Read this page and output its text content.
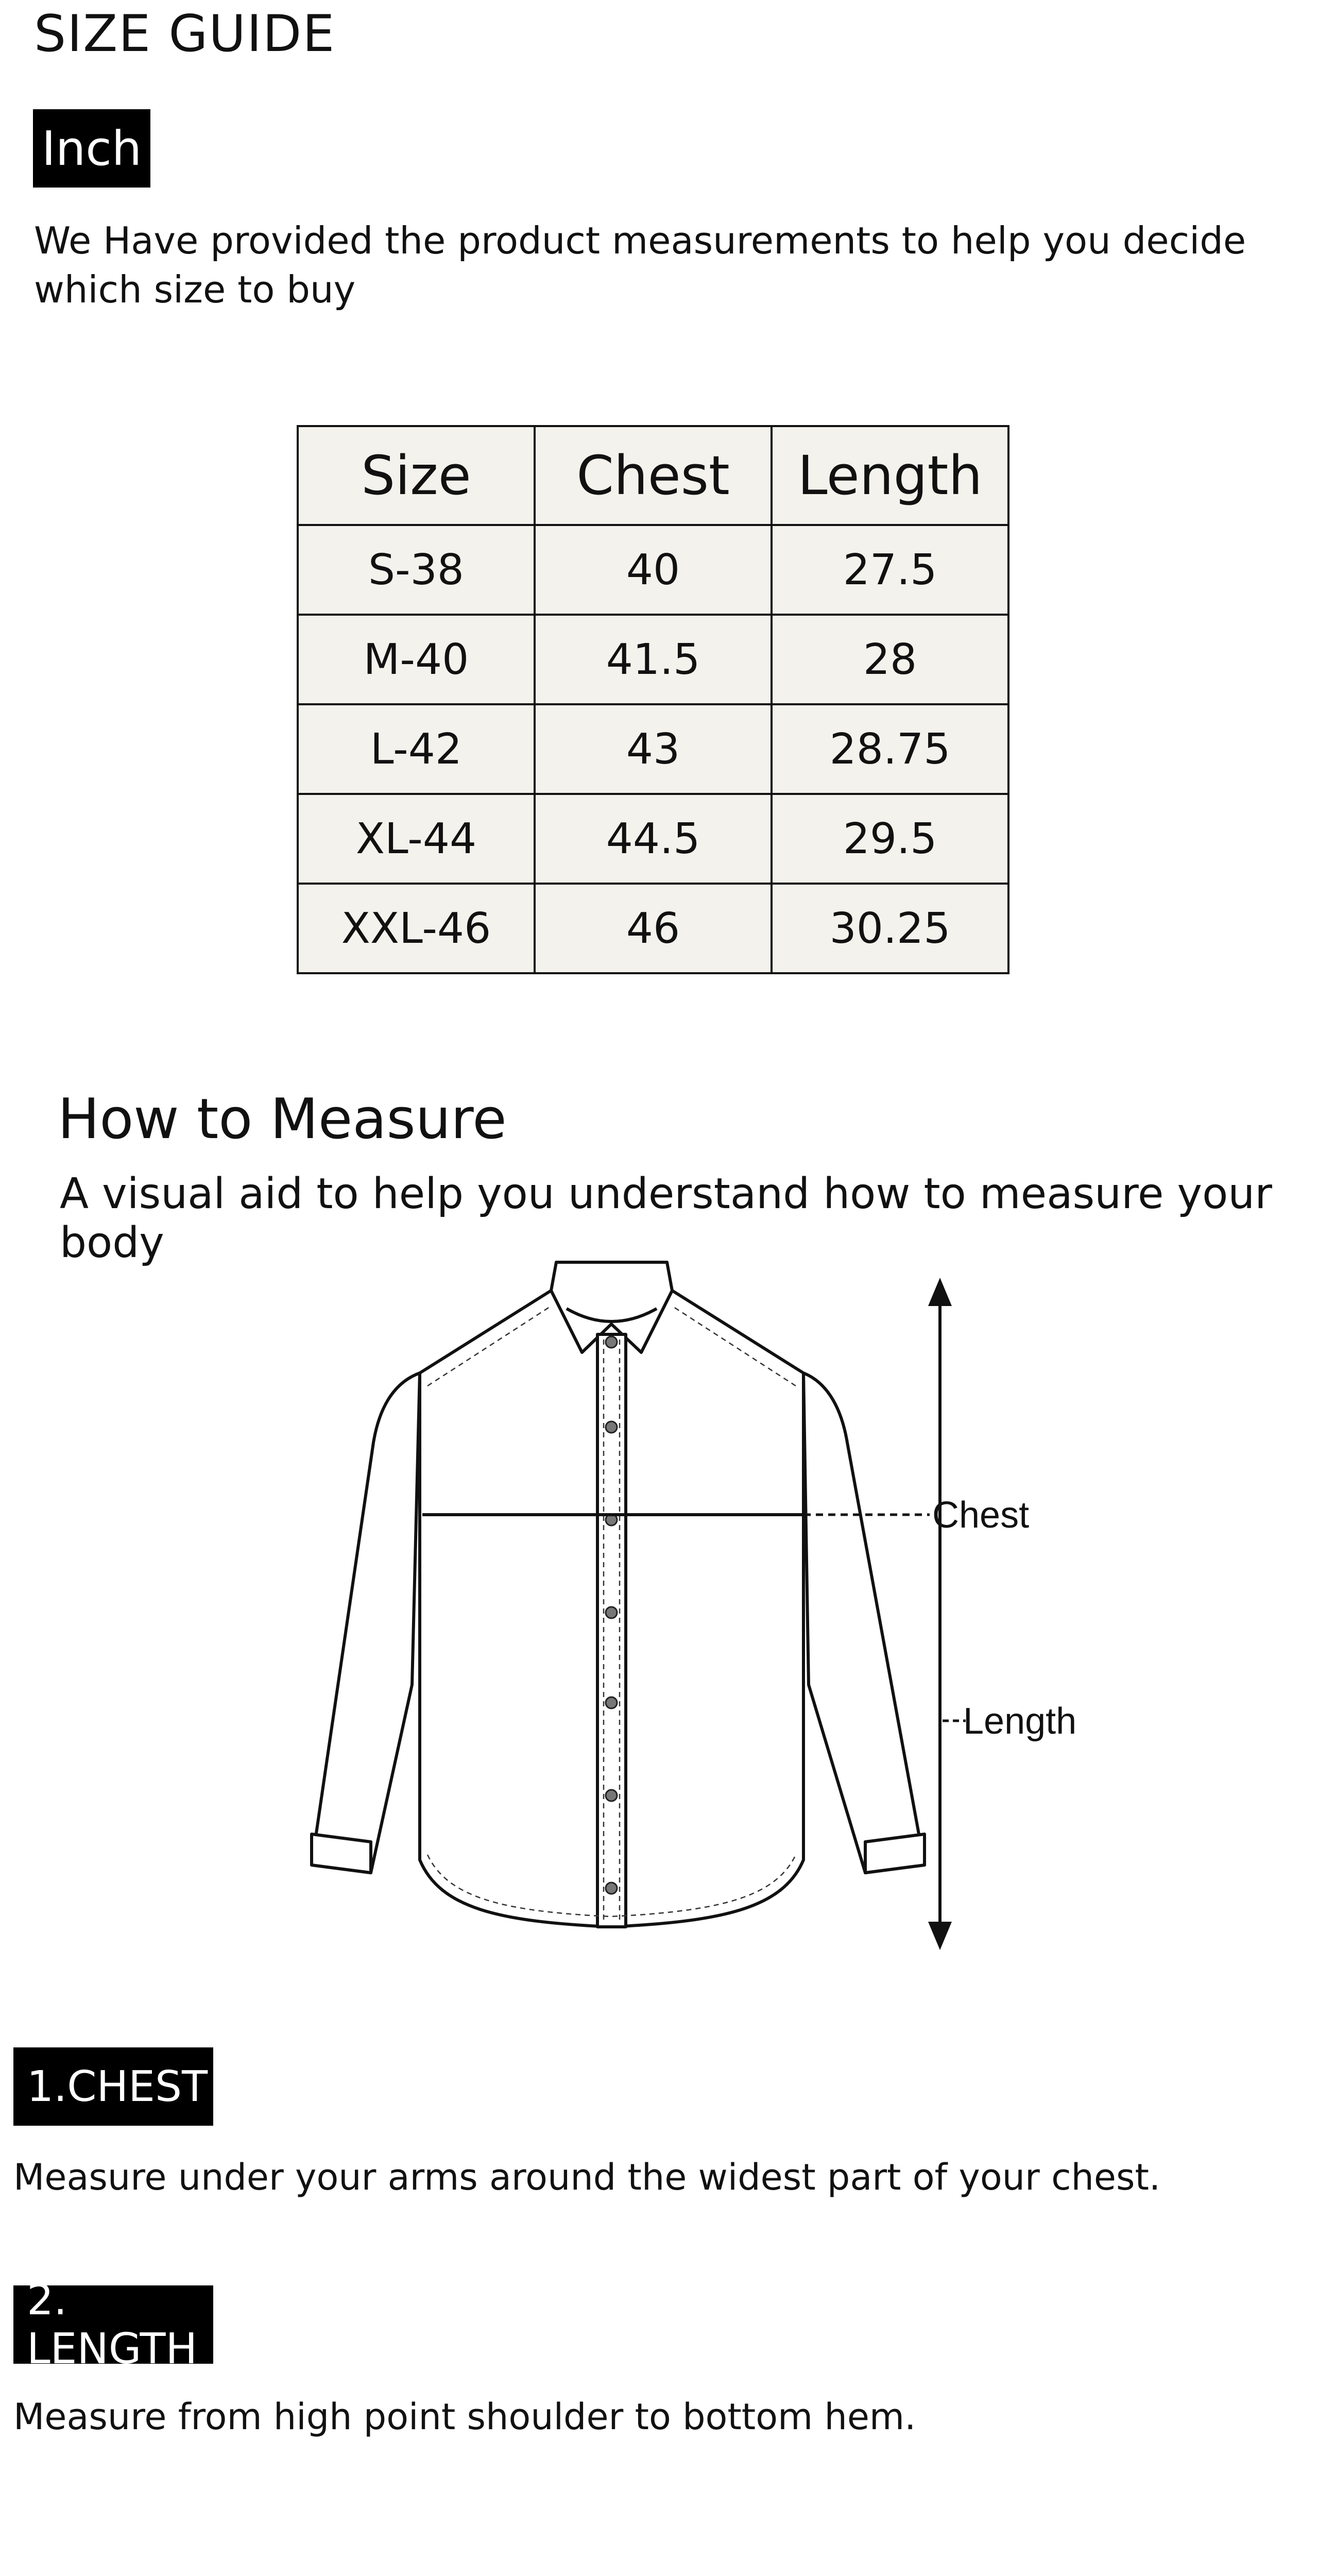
SIZE GUIDE
Inch
We Have provided the product measurements to help you decide which size to buy
Size	Chest	Length
S-38	40	27.5
M-40	41.5	28
L-42	43	28.75
XL-44	44.5	29.5
XXL-46	46	30.25
How to Measure
A visual aid to help you understand how to measure your body
Chest
Length
1.CHEST
Measure under your arms around the widest part of your chest.
2. LENGTH
Measure from high point shoulder to bottom hem.
